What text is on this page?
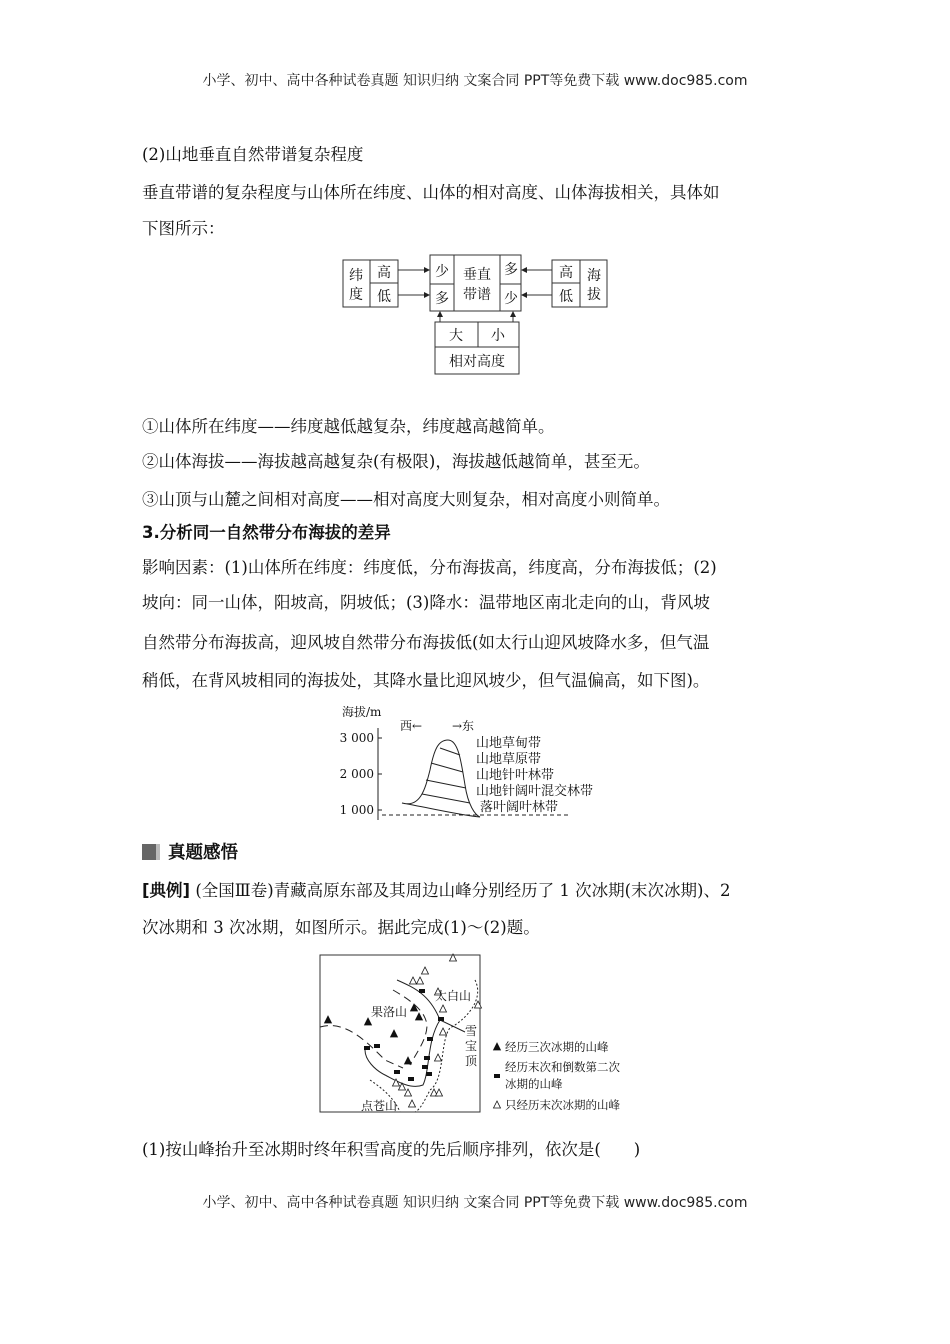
小学、初中、高中各种试卷真题 知识归纳 文案合同 PPT等免费下载 www.doc985.com
(2)山地垂直自然带谱复杂程度
垂直带谱的复杂程度与山体所在纬度、山体的相对高度、山体海拔相关，具体如
下图所示：
纬
度
高
低
少
多
垂直
带谱
多
少
高
低
海
拔
大 小
相对高度
①山体所在纬度——纬度越低越复杂，纬度越高越简单。
②山体海拔——海拔越高越复杂(有极限)，海拔越低越简单，甚至无。
③山顶与山麓之间相对高度——相对高度大则复杂，相对高度小则简单。
3.分析同一自然带分布海拔的差异
影响因素：(1)山体所在纬度：纬度低，分布海拔高，纬度高，分布海拔低；(2)
坡向：同一山体，阳坡高，阴坡低；(3)降水：温带地区南北走向的山，背风坡
自然带分布海拔高，迎风坡自然带分布海拔低(如太行山迎风坡降水多，但气温
稍低，在背风坡相同的海拔处，其降水量比迎风坡少，但气温偏高，如下图)。
海拔/m
西← →东
3 000
2 000
1 000
山地草甸带
山地草原带
山地针叶林带
山地针阔叶混交林带
落叶阔叶林带
真题感悟
[典例] (全国Ⅲ卷)青藏高原东部及其周边山峰分别经历了 1 次冰期(末次冰期)、2
次冰期和 3 次冰期，如图所示。据此完成(1)～(2)题。
太白山
果洛山
雪
宝
顶
点苍山
经历三次冰期的山峰
经历末次和倒数第二次
冰期的山峰
只经历末次冰期的山峰
(1)按山峰抬升至冰期时终年积雪高度的先后顺序排列，依次是(　　)
小学、初中、高中各种试卷真题 知识归纳 文案合同 PPT等免费下载 www.doc985.com
